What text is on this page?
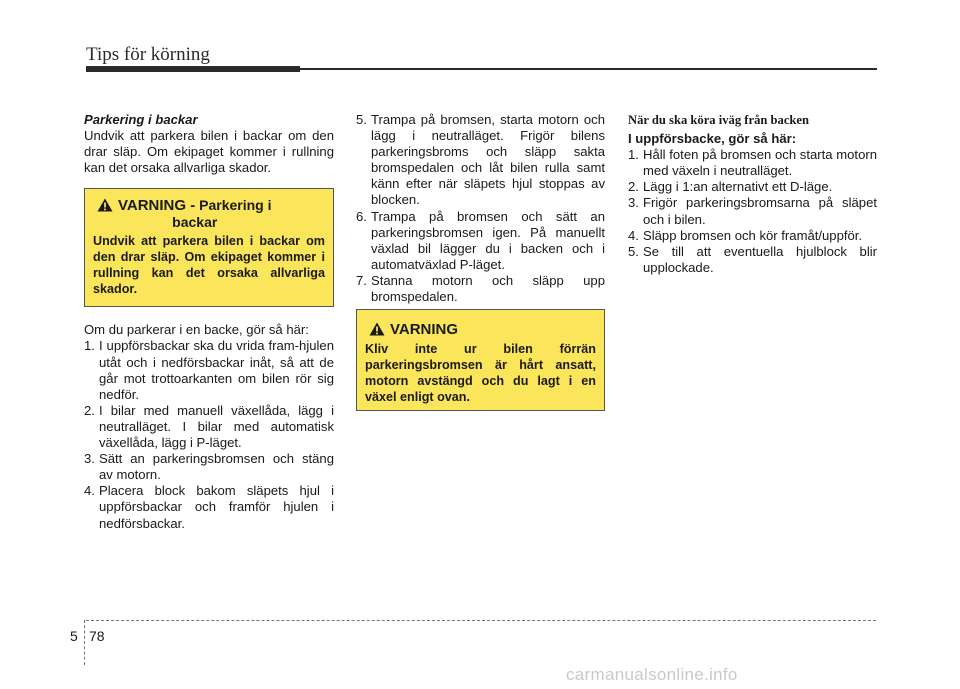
Tips för körning

Parkering i backar

Undvik att parkera bilen i backar om den drar släp. Om ekipaget kommer i rullning kan det orsaka allvarliga skador.

VARNING - Parkering i
backar
Undvik att parkera bilen i backar om den drar släp. Om ekipaget kommer i rullning kan det orsaka allvarliga skador.

Om du parkerar i en backe, gör så här:

1. I uppförsbackar ska du vrida fram-hjulen utåt och i nedförsbackar inåt, så att de går mot trottoarkanten om bilen rör sig nedför.
2. I bilar med manuell växellåda, lägg i neutralläget. I bilar med automatisk växellåda, lägg i P-läget.
3. Sätt an parkeringsbromsen och stäng av motorn.
4. Placera block bakom släpets hjul i uppförsbackar och framför hjulen i nedförsbackar.
5. Trampa på bromsen, starta motorn och lägg i neutralläget. Frigör bilens parkeringsbroms och släpp sakta bromspedalen och låt bilen rulla samt känn efter när släpets hjul stoppas av blocken.
6. Trampa på bromsen och sätt an parkeringsbromsen igen. På manuellt växlad bil lägger du i backen och i automatväxlad P-läget.
7. Stanna motorn och släpp upp bromspedalen.
VARNING
Kliv inte ur bilen förrän parkeringsbromsen är hårt ansatt, motorn avstängd och du lagt i en växel enligt ovan.

När du ska köra iväg från backen

I uppförsbacke, gör så här:

1. Håll foten på bromsen och starta motorn med växeln i neutralläget.
2. Lägg i 1:an alternativt ett D-läge.
3. Frigör parkeringsbromsarna på släpet och i bilen.
4. Släpp bromsen och kör framåt/uppför.
5. Se till att eventuella hjulblock blir upplockade.
5 78
carmanualsonline.info
